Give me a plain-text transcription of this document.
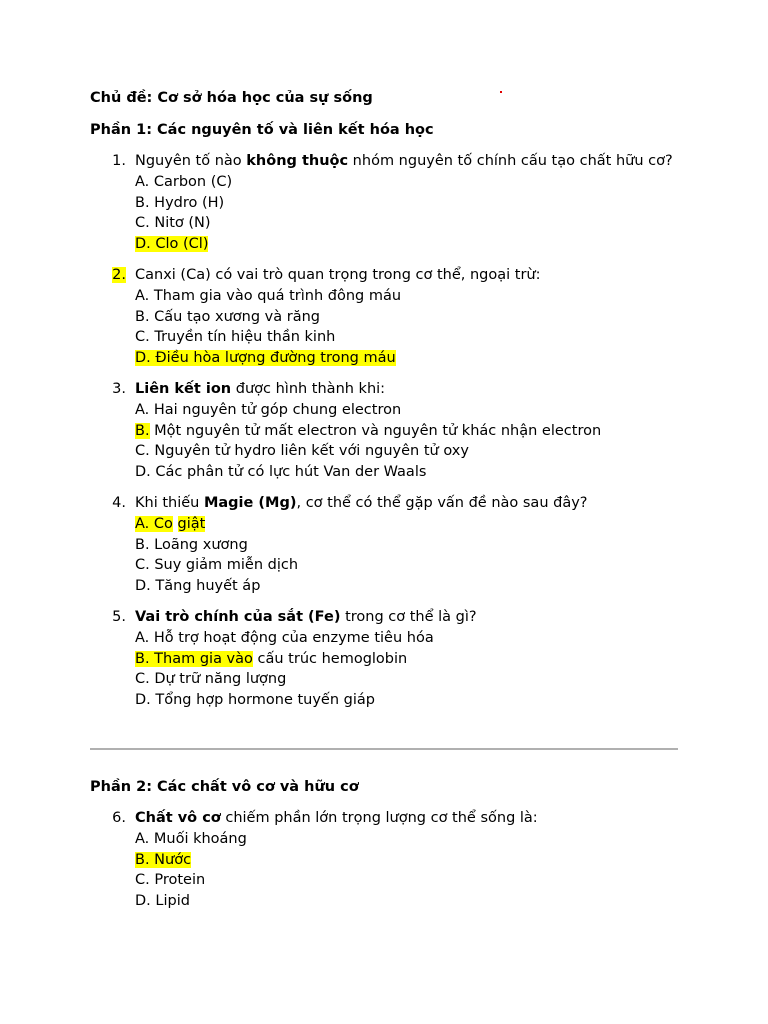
Chủ đề: Cơ sở hóa học của sự sống
Phần 1: Các nguyên tố và liên kết hóa học
1. Nguyên tố nào không thuộc nhóm nguyên tố chính cấu tạo chất hữu cơ?
A. Carbon (C)
B. Hydro (H)
C. Nitơ (N)
D. Clo (Cl)
2. Canxi (Ca) có vai trò quan trọng trong cơ thể, ngoại trừ:
A. Tham gia vào quá trình đông máu
B. Cấu tạo xương và răng
C. Truyền tín hiệu thần kinh
D. Điều hòa lượng đường trong máu
3. Liên kết ion được hình thành khi:
A. Hai nguyên tử góp chung electron
B. Một nguyên tử mất electron và nguyên tử khác nhận electron
C. Nguyên tử hydro liên kết với nguyên tử oxy
D. Các phân tử có lực hút Van der Waals
4. Khi thiếu Magie (Mg), cơ thể có thể gặp vấn đề nào sau đây?
A. Co giật
B. Loãng xương
C. Suy giảm miễn dịch
D. Tăng huyết áp
5. Vai trò chính của sắt (Fe) trong cơ thể là gì?
A. Hỗ trợ hoạt động của enzyme tiêu hóa
B. Tham gia vào cấu trúc hemoglobin
C. Dự trữ năng lượng
D. Tổng hợp hormone tuyến giáp
Phần 2: Các chất vô cơ và hữu cơ
6. Chất vô cơ chiếm phần lớn trọng lượng cơ thể sống là:
A. Muối khoáng
B. Nước
C. Protein
D. Lipid
